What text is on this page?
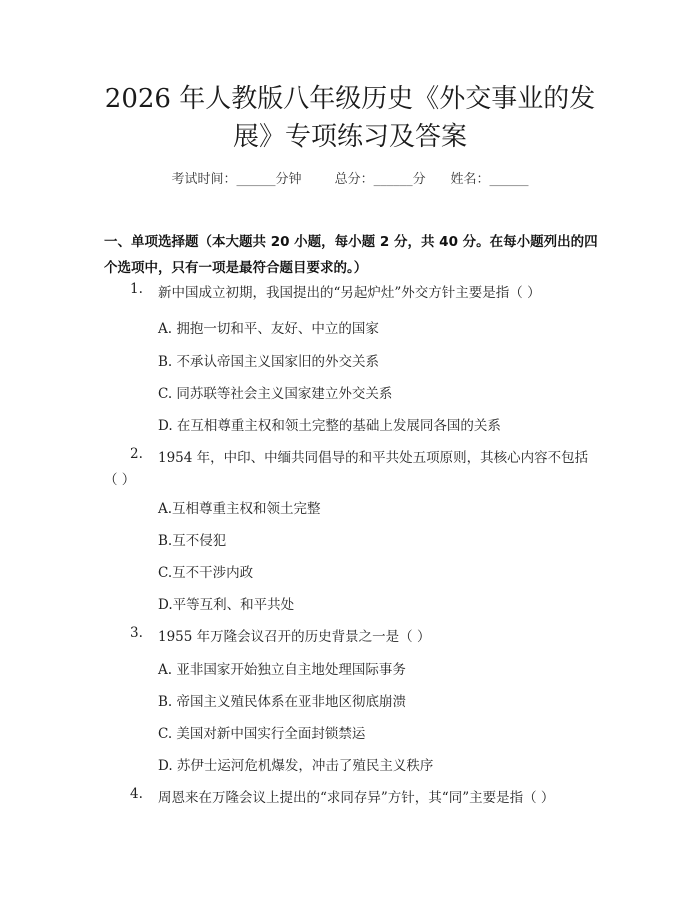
2026 年人教版八年级历史《外交事业的发
展》专项练习及答案
考试时间：______分钟	总分：______分 姓名：______
一、单项选择题（本大题共 20 小题，每小题 2 分，共 40 分。在每小题列出的四个选项中，只有一项是最符合题目要求的。）
1. 新中国成立初期，我国提出的“另起炉灶”外交方针主要是指（ ）
A. 拥抱一切和平、友好、中立的国家
B. 不承认帝国主义国家旧的外交关系
C. 同苏联等社会主义国家建立外交关系
D. 在互相尊重主权和领土完整的基础上发展同各国的关系
2. 1954 年，中印、中缅共同倡导的和平共处五项原则，其核心内容不包括
（ ）
A.互相尊重主权和领土完整
B.互不侵犯
C.互不干涉内政
D.平等互利、和平共处
3. 1955 年万隆会议召开的历史背景之一是（ ）
A. 亚非国家开始独立自主地处理国际事务
B. 帝国主义殖民体系在亚非地区彻底崩溃
C. 美国对新中国实行全面封锁禁运
D. 苏伊士运河危机爆发，冲击了殖民主义秩序
4. 周恩来在万隆会议上提出的“求同存异”方针，其“同”主要是指（ ）
